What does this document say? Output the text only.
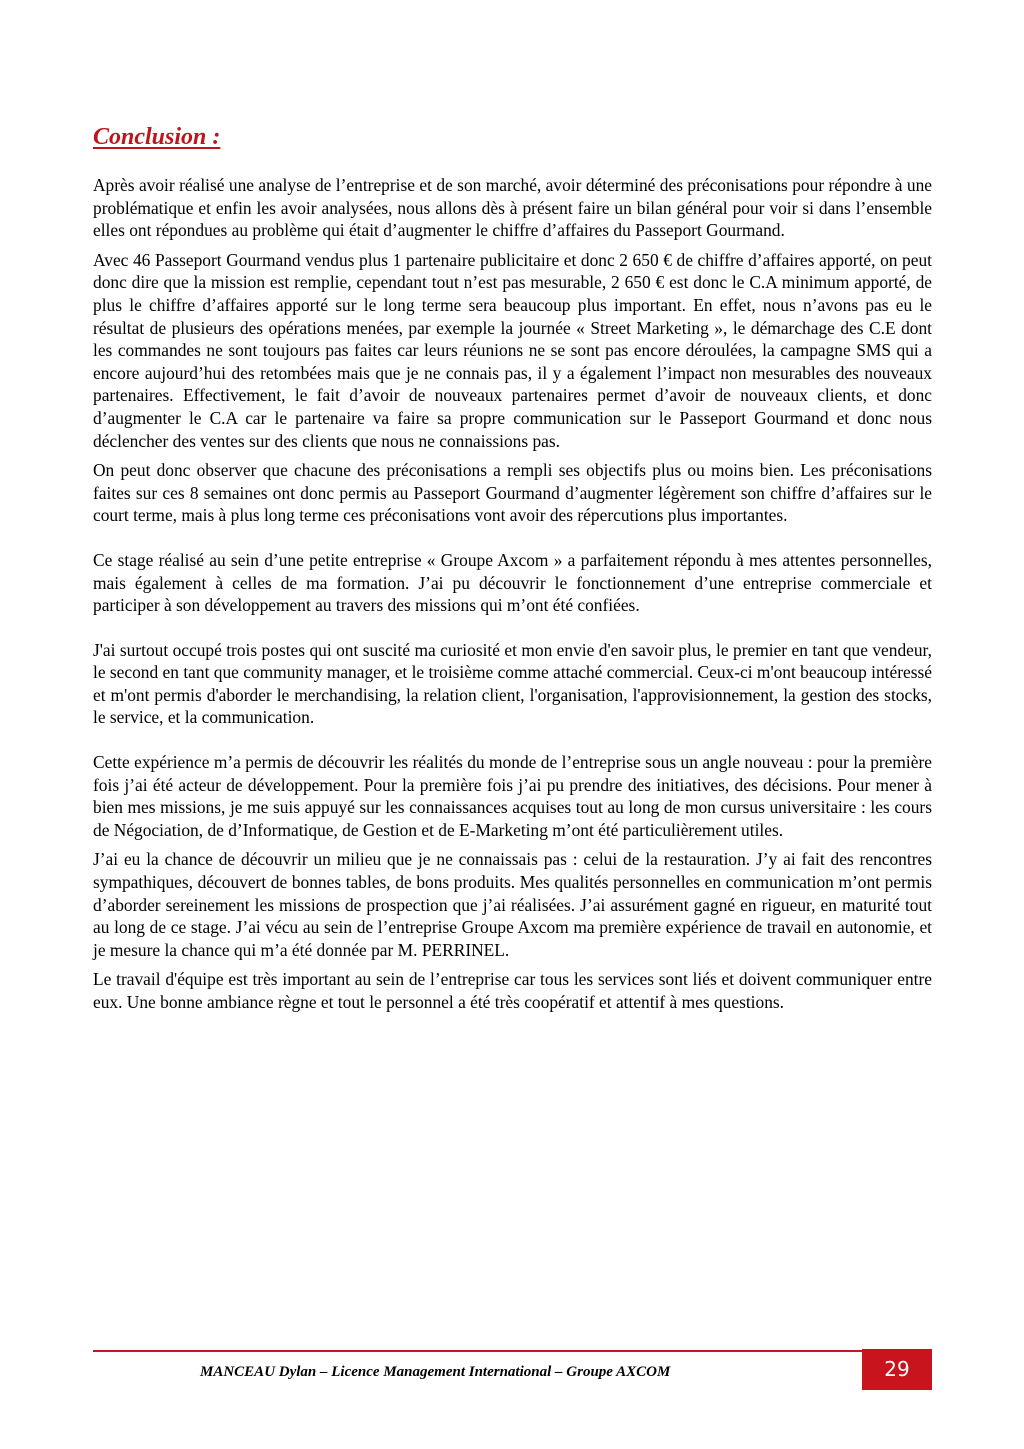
Conclusion :

Après avoir réalisé une analyse de l’entreprise et de son marché, avoir déterminé des préconisations pour répondre à une problématique et enfin les avoir analysées, nous allons dès à présent faire un bilan général pour voir si dans l’ensemble elles ont répondues au problème qui était d’augmenter le chiffre d’affaires du Passeport Gourmand.

Avec 46 Passeport Gourmand vendus plus 1 partenaire publicitaire et donc 2 650 € de chiffre d’affaires apporté, on peut donc dire que la mission est remplie, cependant tout n’est pas mesurable, 2 650 € est donc le C.A minimum apporté, de plus le chiffre d’affaires apporté sur le long terme sera beaucoup plus important. En effet, nous n’avons pas eu le résultat de plusieurs des opérations menées, par exemple la journée « Street Marketing », le démarchage des C.E dont les commandes ne sont toujours pas faites car leurs réunions ne se sont pas encore déroulées, la campagne SMS qui a encore aujourd’hui des retombées mais que je ne connais pas, il y a également l’impact non mesurables des nouveaux partenaires. Effectivement, le fait d’avoir de nouveaux partenaires permet d’avoir de nouveaux clients, et donc d’augmenter le C.A car le partenaire va faire sa propre communication sur le Passeport Gourmand et donc nous déclencher des ventes sur des clients que nous ne connaissions pas.

On peut donc observer que chacune des préconisations a rempli ses objectifs plus ou moins bien. Les préconisations faites sur ces 8 semaines ont donc permis au Passeport Gourmand d’augmenter légèrement son chiffre d’affaires sur le court terme, mais à plus long terme ces préconisations vont avoir des répercutions plus importantes.

Ce stage réalisé au sein d’une petite entreprise « Groupe Axcom » a parfaitement répondu à mes attentes personnelles, mais également à celles de ma formation. J’ai pu découvrir le fonctionnement d’une entreprise commerciale et participer à son développement au travers des missions qui m’ont été confiées.

J'ai surtout occupé trois postes qui ont suscité ma curiosité et mon envie d'en savoir plus, le premier en tant que vendeur, le second en tant que community manager, et le troisième comme attaché commercial. Ceux-ci m'ont beaucoup intéressé et m'ont permis d'aborder le merchandising, la relation client, l'organisation, l'approvisionnement, la gestion des stocks, le service, et la communication.

Cette expérience m’a permis de découvrir les réalités du monde de l’entreprise sous un angle nouveau : pour la première fois j’ai été acteur de développement. Pour la première fois j’ai pu prendre des initiatives, des décisions. Pour mener à bien mes missions, je me suis appuyé sur les connaissances acquises tout au long de mon cursus universitaire : les cours de Négociation, de d’Informatique, de Gestion et de E-Marketing m’ont été particulièrement utiles.

J’ai eu la chance de découvrir un milieu que je ne connaissais pas : celui de la restauration. J’y ai fait des rencontres sympathiques, découvert de bonnes tables, de bons produits. Mes qualités personnelles en communication m’ont permis d’aborder sereinement les missions de prospection que j’ai réalisées. J’ai assurément gagné en rigueur, en maturité tout au long de ce stage. J’ai vécu au sein de l’entreprise Groupe Axcom ma première expérience de travail en autonomie, et je mesure la chance qui m’a été donnée par M. PERRINEL.

Le travail d'équipe est très important au sein de l’entreprise car tous les services sont liés et doivent communiquer entre eux. Une bonne ambiance règne et tout le personnel a été très coopératif et attentif à mes questions.

MANCEAU Dylan – Licence Management International – Groupe AXCOM	29
